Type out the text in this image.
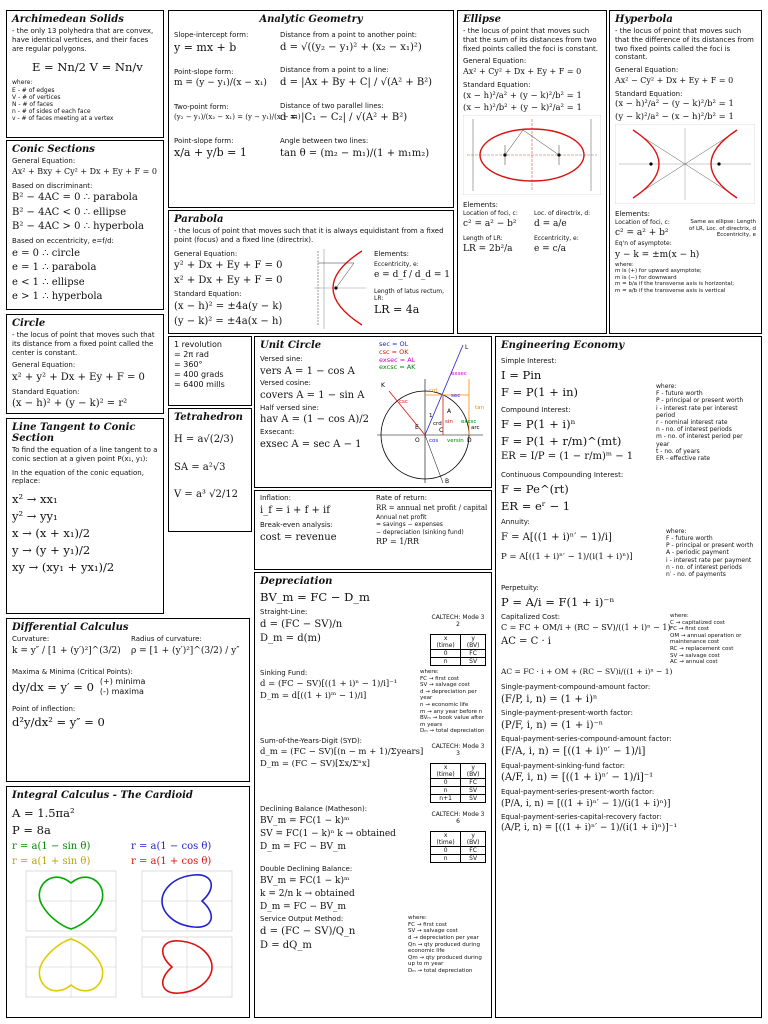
Archimedean Solids

- the only 13 polyhedra that are convex, have identical vertices, and their faces are regular polygons.

E = Nn/2 V = Nn/v

where:

E - # of edges

V - # of vertices

N - # of faces

n - # of sides of each face

v - # of faces meeting at a vertex

Conic Sections

General Equation:

Ax² + Bxy + Cy² + Dx + Ey + F = 0

Based on discriminant:

B² − 4AC = 0 ∴ parabola

B² − 4AC < 0 ∴ ellipse

B² − 4AC > 0 ∴ hyperbola

Based on eccentricity, e=f/d:

e = 0 ∴ circle

e = 1 ∴ parabola

e < 1 ∴ ellipse

e > 1 ∴ hyperbola

Circle

- the locus of point that moves such that its distance from a fixed point called the center is constant.

General Equation:

x² + y² + Dx + Ey + F = 0

Standard Equation:

(x − h)² + (y − k)² = r²

Line Tangent to Conic Section

To find the equation of a line tangent to a conic section at a given point P(x₁, y₁):

In the equation of the conic equation, replace:

x² → xx₁

y² → yy₁

x → (x + x₁)/2

y → (y + y₁)/2

xy → (xy₁ + yx₁)/2

Analytic Geometry

Slope-intercept form:

y = mx + b

Point-slope form:

m = (y − y₁)/(x − x₁)

Two-point form:

(y₂ − y₁)/(x₂ − x₁) = (y − y₁)/(x − x₁)

Point-slope form:

x/a + y/b = 1

Distance from a point to another point:

d = √((y₂ − y₁)² + (x₂ − x₁)²)

Distance from a point to a line:

d = |Ax + By + C| / √(A² + B²)

Distance of two parallel lines:

d = |C₁ − C₂| / √(A² + B²)

Angle between two lines:

tan θ = (m₂ − m₁)/(1 + m₁m₂)

Parabola

- the locus of point that moves such that it is always equidistant from a fixed point (focus) and a fixed line (directrix).

General Equation:

y² + Dx + Ey + F = 0

x² + Dx + Ey + F = 0

Standard Equation:

(x − h)² = ±4a(y − k)

(y − k)² = ±4a(x − h)

Elements:

Eccentricity, e:

e = d_f / d_d = 1

Length of latus rectum, LR:

LR = 4a

Ellipse

- the locus of point that moves such that the sum of its distances from two fixed points called the foci is constant.

General Equation:

Ax² + Cy² + Dx + Ey + F = 0

Standard Equation:

(x − h)²/a² + (y − k)²/b² = 1

(x − h)²/b² + (y − k)²/a² = 1

Elements:

Location of foci, c:

c² = a² − b²

Length of LR:

LR = 2b²/a

Loc. of directrix, d:

d = a/e

Eccentricity, e:

e = c/a

Hyperbola

- the locus of point that moves such that the difference of its distances from two fixed points called the foci is constant.

General Equation:

Ax² − Cy² + Dx + Ey + F = 0

Standard Equation:

(x − h)²/a² − (y − k)²/b² = 1

(y − k)²/a² − (x − h)²/b² = 1

Elements:

Location of foci, c:

c² = a² + b²

Same as ellipse: Length of LR, Loc. of directrix, d Eccentricity, e

Eq'n of asymptote:

y − k = ±m(x − h)

where:

m is (+) for upward asymptote;

m is (−) for downward

m = b/a if the transverse axis is horizontal;

m = a/b if the transverse axis is vertical

1 revolution

= 2π rad

= 360°

= 400 grads

= 6400 mills

Tetrahedron

H = a√(2/3)

SA = a²√3

V = a³ √2/12

Unit Circle

Versed sine:

vers A = 1 − cos A

Versed cosine:

covers A = 1 − sin A

Half versed sine:

hav A = (1 − cos A)/2

Exsecant:

exsec A = sec A − 1

sec = OL

csc = OK

exsec = AL

excsc = AK

L
K
exsec
cot
csc
sec
1
A
excsc
crd sin
tan
arc
cos versin
O
C
D
E
B

Inflation:

i_f = i + f + if

Break-even analysis:

cost = revenue

Rate of return:

RR = annual net profit / capital

Annual net profit

= savings − expenses

− depreciation (sinking fund)

RP = 1/RR

Differential Calculus

Curvature:

k = y″ / [1 + (y′)²]^(3/2)

Radius of curvature:

ρ = [1 + (y′)²]^(3/2) / y″

Maxima & Minima (Critical Points):

dy/dx = y′ = 0 (+) minima

(-) maxima

Point of inflection:

d²y/dx² = y″ = 0

Integral Calculus - The Cardioid

A = 1.5πa²

P = 8a

r = a(1 − sin θ)

r = a(1 + sin θ)

r = a(1 − cos θ)

r = a(1 + cos θ)

Depreciation

BV_m = FC − D_m

Straight-Line:

d = (FC − SV)/n

D_m = d(m)

CALTECH: Mode 3 2

x (time)	y (BV)
0	FC
n	SV

Sinking Fund:

d = (FC − SV)[((1 + i)ⁿ − 1)/i]⁻¹

D_m = d[((1 + i)ᵐ − 1)/i]

where:

FC → first cost

SV → salvage cost

d → depreciation per year

n → economic life

m → any year before n

BVₘ → book value after m years

Dₘ → total depreciation

Sum-of-the-Years-Digit (SYD):

d_m = (FC − SV)[(n − m + 1)/Σyears]

D_m = (FC − SV)[Σx/Σⁿx]

CALTECH: Mode 3 3

x (time)	y (BV)
0	FC
n	SV
n+1	SV

Declining Balance (Matheson):

BV_m = FC(1 − k)ᵐ

SV = FC(1 − k)ⁿ k → obtained

D_m = FC − BV_m

CALTECH: Mode 3 6

x (time)	y (BV)
0	FC
n	SV

Double Declining Balance:

BV_m = FC(1 − k)ᵐ

k = 2/n k → obtained

D_m = FC − BV_m

Service Output Method:

d = (FC − SV)/Q_n

D = dQ_m

where:

FC → first cost

SV → salvage cost

d → depreciation per year

Qn → qty produced during economic life

Qm → qty produced during up to m year

Dₘ → total depreciation

Engineering Economy

Simple Interest:

I = Pin

F = P(1 + in)

Compound Interest:

F = P(1 + i)ⁿ

F = P(1 + r/m)^(mt)

ER = I/P = (1 − r/m)ᵐ − 1

where:

F - future worth

P - principal or present worth

i - interest rate per interest period

r - nominal interest rate

n - no. of interest periods

m - no. of interest period per year

t - no. of years

ER - effective rate

Continuous Compounding Interest:

F = Pe^(rt)

ER = eʳ − 1

Annuity:

F = A[((1 + i)ⁿ′ − 1)/i]

P = A[((1 + i)ⁿ′ − 1)/(i(1 + i)ⁿ)]

where:

F - future worth

P - principal or present worth

A - periodic payment

i - interest rate per payment

n - no. of interest periods

n′ - no. of payments

Perpetuity:

P = A/i = F(1 + i)⁻ⁿ

Capitalized Cost:

C = FC + OM/i + (RC − SV)/((1 + i)ⁿ − 1)

AC = C · i

where:

C → capitalized cost

FC → first cost

OM → annual operation or maintenance cost

RC → replacement cost

SV → salvage cost

AC → annual cost

AC = FC · i + OM + (RC − SV)i/((1 + i)ⁿ − 1)

Single-payment-compound-amount factor:

(F/P, i, n) = (1 + i)ⁿ

Single-payment-present-worth factor:

(P/F, i, n) = (1 + i)⁻ⁿ

Equal-payment-series-compound-amount factor:

(F/A, i, n) = [((1 + i)ⁿ′ − 1)/i]

Equal-payment-sinking-fund factor:

(A/F, i, n) = [((1 + i)ⁿ′ − 1)/i]⁻¹

Equal-payment-series-present-worth factor:

(P/A, i, n) = [((1 + i)ⁿ′ − 1)/(i(1 + i)ⁿ)]

Equal-payment-series-capital-recovery factor:

(A/P, i, n) = [((1 + i)ⁿ′ − 1)/(i(1 + i)ⁿ)]⁻¹
